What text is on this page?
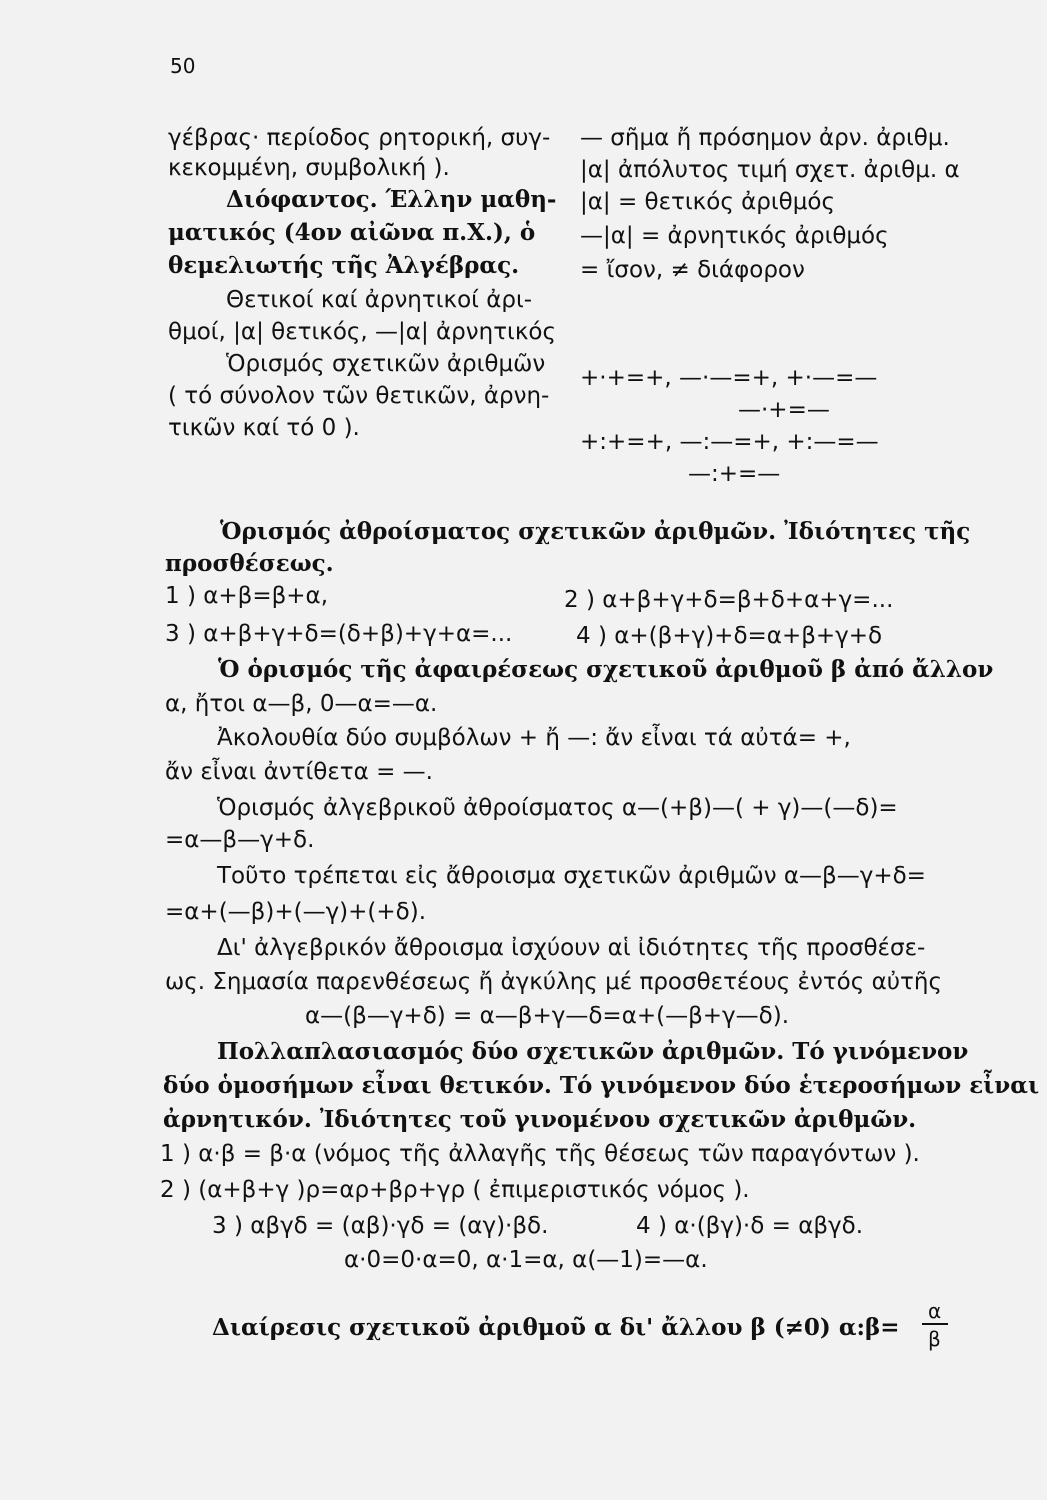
50
γέβρας· περίοδος ρητορική, συγ-
κεκομμένη, συμβολική ).
Διόφαντος. Έλλην μαθη-
ματικός (4ον αἰῶνα π.Χ.), ὁ
θεμελιωτής τῆς Ἀλγέβρας.
Θετικοί καί ἀρνητικοί ἀρι-
θμοί, |α| θετικός, —|α| ἀρνητικός
Ὁρισμός σχετικῶν ἀριθμῶν
( τό σύνολον τῶν θετικῶν, ἀρνη-
τικῶν καί τό 0 ).
— σῆμα ἤ πρόσημον ἀρν. ἀριθμ.
|α| ἀπόλυτος τιμή σχετ. ἀριθμ. α
|α| = θετικός ἀριθμός
—|α| = ἀρνητικός ἀριθμός
= ἴσον, ≠ διάφορον
+·+=+, —·—=+, +·—=—
—·+=—
+:+=+, —:—=+, +:—=—
—:+=—
Ὁρισμός ἀθροίσματος σχετικῶν ἀριθμῶν. Ἰδιότητες τῆς
προσθέσεως.
1 ) α+β=β+α,	2 ) α+β+γ+δ=β+δ+α+γ=...
3 ) α+β+γ+δ=(δ+β)+γ+α=...	4 ) α+(β+γ)+δ=α+β+γ+δ
Ὁ ὁρισμός τῆς ἀφαιρέσεως σχετικοῦ ἀριθμοῦ β ἀπό ἄλλον
α, ἤτοι α—β, 0—α=—α.
Ἀκολουθία δύο συμβόλων + ἤ —: ἄν εἶναι τά αὐτά= +,
ἄν εἶναι ἀντίθετα = —.
Ὁρισμός ἀλγεβρικοῦ ἀθροίσματος α—(+β)—( + γ)—(—δ)=
=α—β—γ+δ.
Τοῦτο τρέπεται εἰς ἄθροισμα σχετικῶν ἀριθμῶν α—β—γ+δ=
=α+(—β)+(—γ)+(+δ).
Δι' ἀλγεβρικόν ἄθροισμα ἰσχύουν αἱ ἰδιότητες τῆς προσθέσε-
ως. Σημασία παρενθέσεως ἤ ἀγκύλης μέ προσθετέους ἐντός αὐτῆς
α—(β—γ+δ) = α—β+γ—δ=α+(—β+γ—δ).
Πολλαπλασιασμός δύο σχετικῶν ἀριθμῶν. Τό γινόμενον
δύο ὁμοσήμων εἶναι θετικόν. Τό γινόμενον δύο ἑτεροσήμων εἶναι
ἀρνητικόν. Ἰδιότητες τοῦ γινομένου σχετικῶν ἀριθμῶν.
1 ) α·β = β·α (νόμος τῆς ἀλλαγῆς τῆς θέσεως τῶν παραγόντων ).
2 ) (α+β+γ )ρ=αρ+βρ+γρ ( ἐπιμεριστικός νόμος ).
3 ) αβγδ = (αβ)·γδ = (αγ)·βδ.	4 ) α·(βγ)·δ = αβγδ.
α·0=0·α=0, α·1=α, α(—1)=—α.
Διαίρεσις σχετικοῦ ἀριθμοῦ α δι' ἄλλου β (≠0) α:β=
α
β
